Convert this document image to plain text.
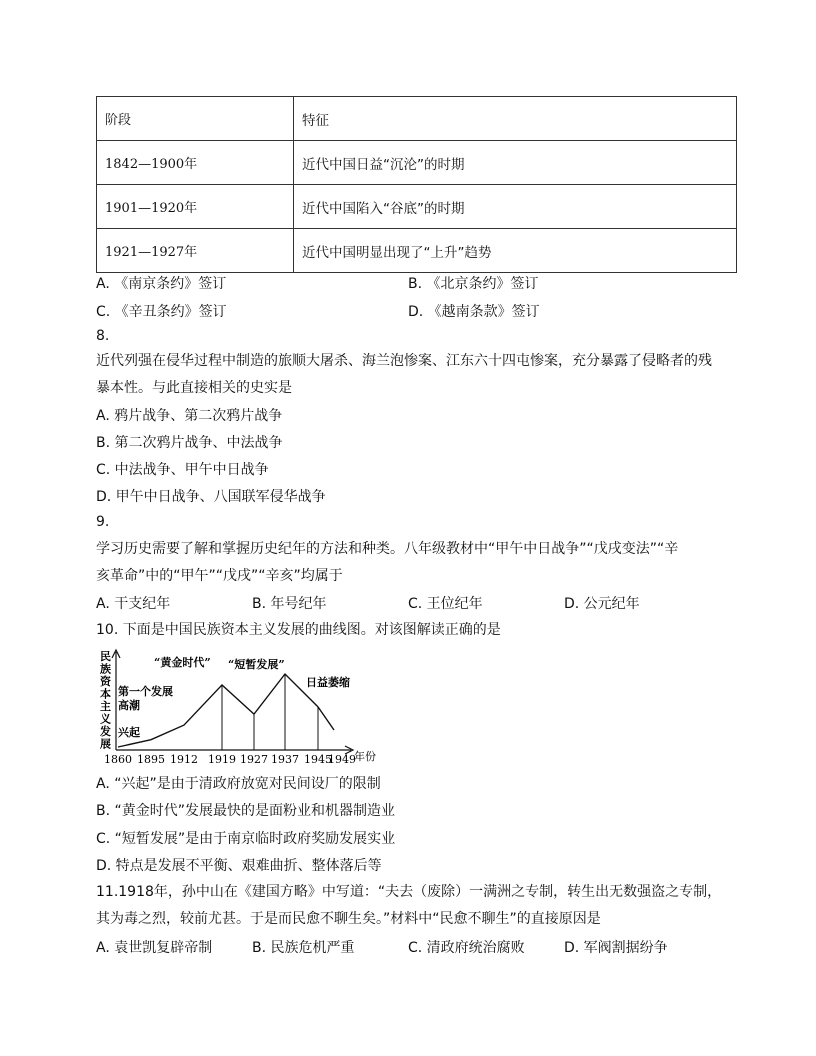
阶段	特征
1842—1900年	近代中国日益“沉沦”的时期
1901—1920年	近代中国陷入“谷底”的时期
1921—1927年	近代中国明显出现了“上升”趋势
A. 《南京条约》签订	B. 《北京条约》签订
C. 《辛丑条约》签订	D. 《越南条款》签订
8.
近代列强在侵华过程中制造的旅顺大屠杀、海兰泡惨案、江东六十四屯惨案，充分暴露了侵略者的残
暴本性。与此直接相关的史实是
A. 鸦片战争、第二次鸦片战争
B. 第二次鸦片战争、中法战争
C. 中法战争、甲午中日战争
D. 甲午中日战争、八国联军侵华战争
9.
学习历史需要了解和掌握历史纪年的方法和种类。八年级教材中“甲午中日战争”“戊戌变法”“辛
亥革命”中的“甲午”“戊戌”“辛亥”均属于
A. 干支纪年	B. 年号纪年	C. 王位纪年	D. 公元纪年
10. 下面是中国民族资本主义发展的曲线图。对该图解读正确的是
民
族
资
本
主
义
发
展
1860 1895 1912 1919 1927 1937 1945
1949
兴起
第一个发展
高潮
“黄金时代” “短暂发展”
日益萎缩
年份
A. “兴起”是由于清政府放宽对民间设厂的限制
B. “黄金时代”发展最快的是面粉业和机器制造业
C. “短暂发展”是由于南京临时政府奖励发展实业
D. 特点是发展不平衡、艰难曲折、整体落后等
11.1918年，孙中山在《建国方略》中写道：“夫去（废除）一满洲之专制，转生出无数强盗之专制，
其为毒之烈，较前尤甚。于是而民愈不聊生矣。”材料中“民愈不聊生”的直接原因是
A. 袁世凯复辟帝制	B. 民族危机严重	C. 清政府统治腐败	D. 军阀割据纷争
